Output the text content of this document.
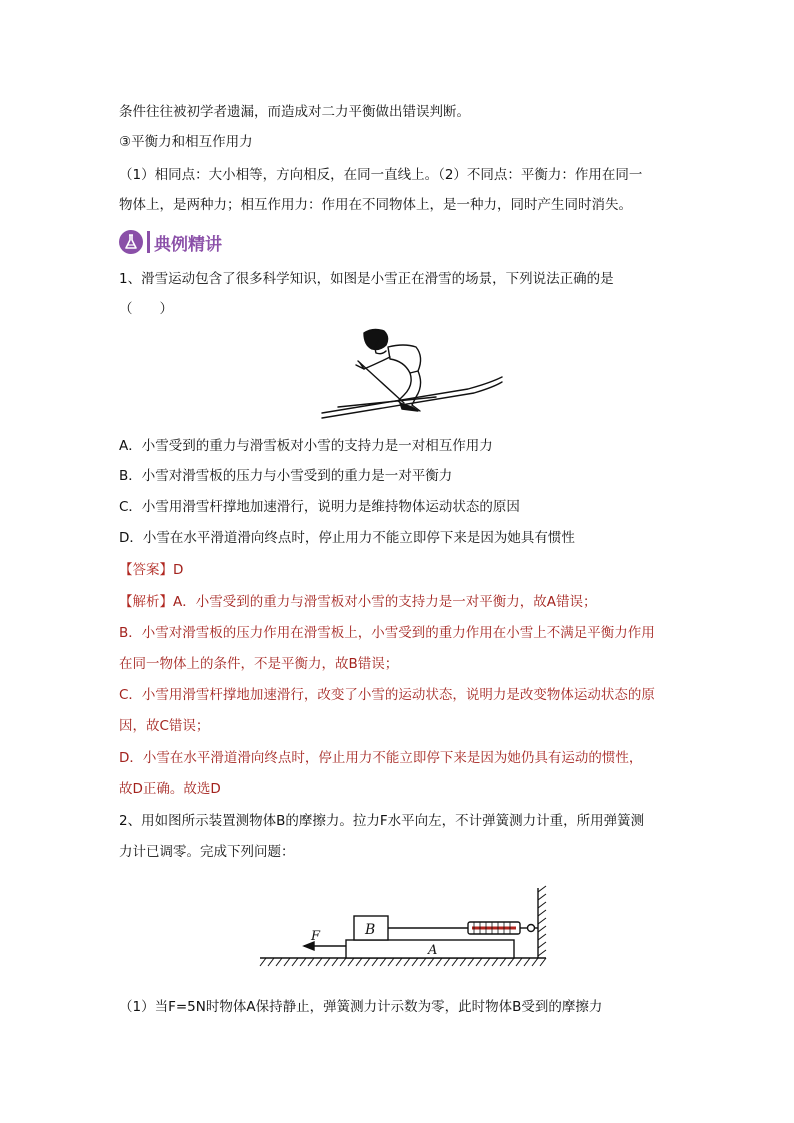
条件往往被初学者遗漏，而造成对二力平衡做出错误判断。
③平衡力和相互作用力
（1）相同点：大小相等，方向相反，在同一直线上。（2）不同点：平衡力：作用在同一
物体上，是两种力；相互作用力：作用在不同物体上，是一种力，同时产生同时消失。
典例精讲
1、滑雪运动包含了很多科学知识，如图是小雪正在滑雪的场景，下列说法正确的是
（　　）
A．小雪受到的重力与滑雪板对小雪的支持力是一对相互作用力
B．小雪对滑雪板的压力与小雪受到的重力是一对平衡力
C．小雪用滑雪杆撑地加速滑行，说明力是维持物体运动状态的原因
D．小雪在水平滑道滑向终点时，停止用力不能立即停下来是因为她具有惯性
【答案】D
【解析】A．小雪受到的重力与滑雪板对小雪的支持力是一对平衡力，故A错误；
B．小雪对滑雪板的压力作用在滑雪板上，小雪受到的重力作用在小雪上不满足平衡力作用
在同一物体上的条件，不是平衡力，故B错误；
C．小雪用滑雪杆撑地加速滑行，改变了小雪的运动状态，说明力是改变物体运动状态的原
因，故C错误；
D．小雪在水平滑道滑向终点时，停止用力不能立即停下来是因为她仍具有运动的惯性，
故D正确。故选D
2、用如图所示装置测物体B的摩擦力。拉力F水平向左，不计弹簧测力计重，所用弹簧测
力计已调零。完成下列问题：
B
A
F
（1）当F=5N时物体A保持静止，弹簧测力计示数为零，此时物体B受到的摩擦力
